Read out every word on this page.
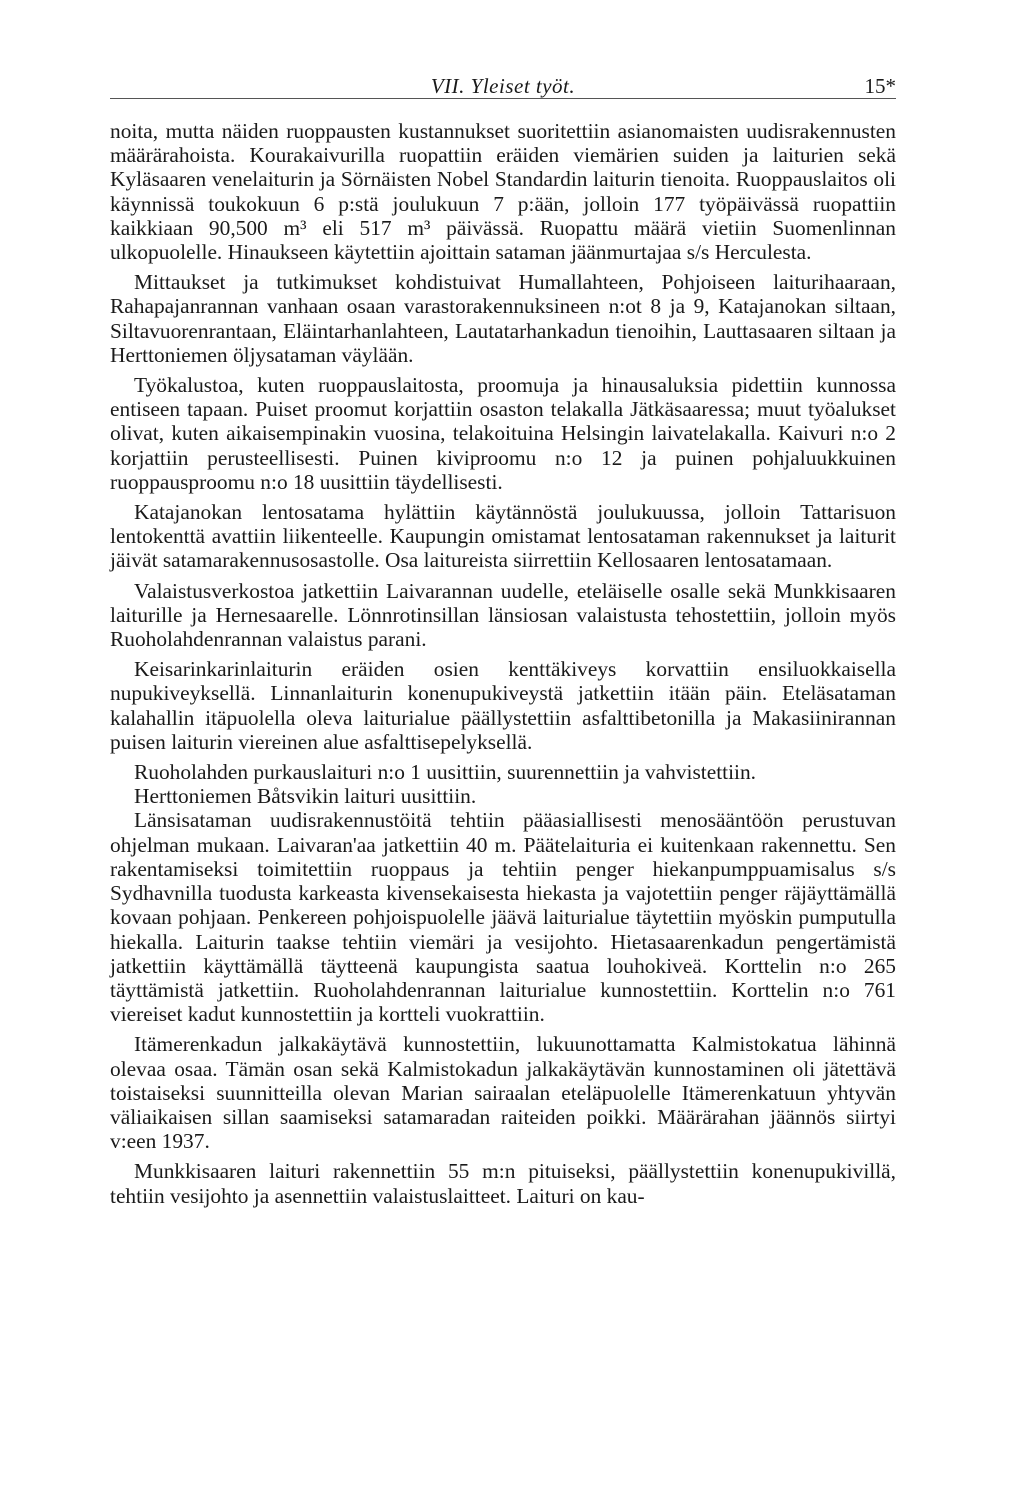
VII. Yleiset työt.	15*

noita, mutta näiden ruoppausten kustannukset suoritettiin asianomaisten uudisrakennusten määrärahoista. Kourakaivurilla ruopattiin eräiden viemärien suiden ja laiturien sekä Kyläsaaren venelaiturin ja Sörnäisten Nobel Standardin laiturin tienoita. Ruoppauslaitos oli käynnissä toukokuun 6 p:stä joulukuun 7 p:ään, jolloin 177 työpäivässä ruopattiin kaikkiaan 90,500 m³ eli 517 m³ päivässä. Ruopattu määrä vietiin Suomenlinnan ulkopuolelle. Hinaukseen käytettiin ajoittain sataman jäänmurtajaa s/s Herculesta.

Mittaukset ja tutkimukset kohdistuivat Humallahteen, Pohjoiseen laiturihaaraan, Rahapajanrannan vanhaan osaan varastorakennuksineen n:ot 8 ja 9, Katajanokan siltaan, Siltavuorenrantaan, Eläintarhanlahteen, Lautatarhankadun tienoihin, Lauttasaaren siltaan ja Herttoniemen öljysataman väylään.

Työkalustoa, kuten ruoppauslaitosta, proomuja ja hinausaluksia pidettiin kunnossa entiseen tapaan. Puiset proomut korjattiin osaston telakalla Jätkäsaaressa; muut työalukset olivat, kuten aikaisempinakin vuosina, telakoituina Helsingin laivatelakalla. Kaivuri n:o 2 korjattiin perusteellisesti. Puinen kiviproomu n:o 12 ja puinen pohjaluukkuinen ruoppausproomu n:o 18 uusittiin täydellisesti.

Katajanokan lentosatama hylättiin käytännöstä joulukuussa, jolloin Tattarisuon lentokenttä avattiin liikenteelle. Kaupungin omistamat lentosataman rakennukset ja laiturit jäivät satamarakennusosastolle. Osa laitureista siirrettiin Kellosaaren lentosatamaan.

Valaistusverkostoa jatkettiin Laivarannan uudelle, eteläiselle osalle sekä Munkkisaaren laiturille ja Hernesaarelle. Lönnrotinsillan länsiosan valaistusta tehostettiin, jolloin myös Ruoholahdenrannan valaistus parani.

Keisarinkarinlaiturin eräiden osien kenttäkiveys korvattiin ensiluokkaisella nupukiveyksellä. Linnanlaiturin konenupukiveystä jatkettiin itään päin. Eteläsataman kalahallin itäpuolella oleva laiturialue päällystettiin asfalttibetonilla ja Makasiinirannan puisen laiturin viereinen alue asfalttisepelyksellä.

Ruoholahden purkauslaituri n:o 1 uusittiin, suurennettiin ja vahvistettiin.

Herttoniemen Båtsvikin laituri uusittiin.

Länsisataman uudisrakennustöitä tehtiin pääasiallisesti menosääntöön perustuvan ohjelman mukaan. Laivaran'aa jatkettiin 40 m. Päätelaituria ei kuitenkaan rakennettu. Sen rakentamiseksi toimitettiin ruoppaus ja tehtiin penger hiekanpumppuamisalus s/s Sydhavnilla tuodusta karkeasta kivensekaisesta hiekasta ja vajotettiin penger räjäyttämällä kovaan pohjaan. Penkereen pohjoispuolelle jäävä laiturialue täytettiin myöskin pumputulla hiekalla. Laiturin taakse tehtiin viemäri ja vesijohto. Hietasaarenkadun pengertämistä jatkettiin käyttämällä täytteenä kaupungista saatua louhokiveä. Korttelin n:o 265 täyttämistä jatkettiin. Ruoholahdenrannan laiturialue kunnostettiin. Korttelin n:o 761 viereiset kadut kunnostettiin ja kortteli vuokrattiin.

Itämerenkadun jalkakäytävä kunnostettiin, lukuunottamatta Kalmistokatua lähinnä olevaa osaa. Tämän osan sekä Kalmistokadun jalkakäytävän kunnostaminen oli jätettävä toistaiseksi suunnitteilla olevan Marian sairaalan eteläpuolelle Itämerenkatuun yhtyvän väliaikaisen sillan saamiseksi satamaradan raiteiden poikki. Määrärahan jäännös siirtyi v:een 1937.

Munkkisaaren laituri rakennettiin 55 m:n pituiseksi, päällystettiin konenupukivillä, tehtiin vesijohto ja asennettiin valaistuslaitteet. Laituri on kau-
